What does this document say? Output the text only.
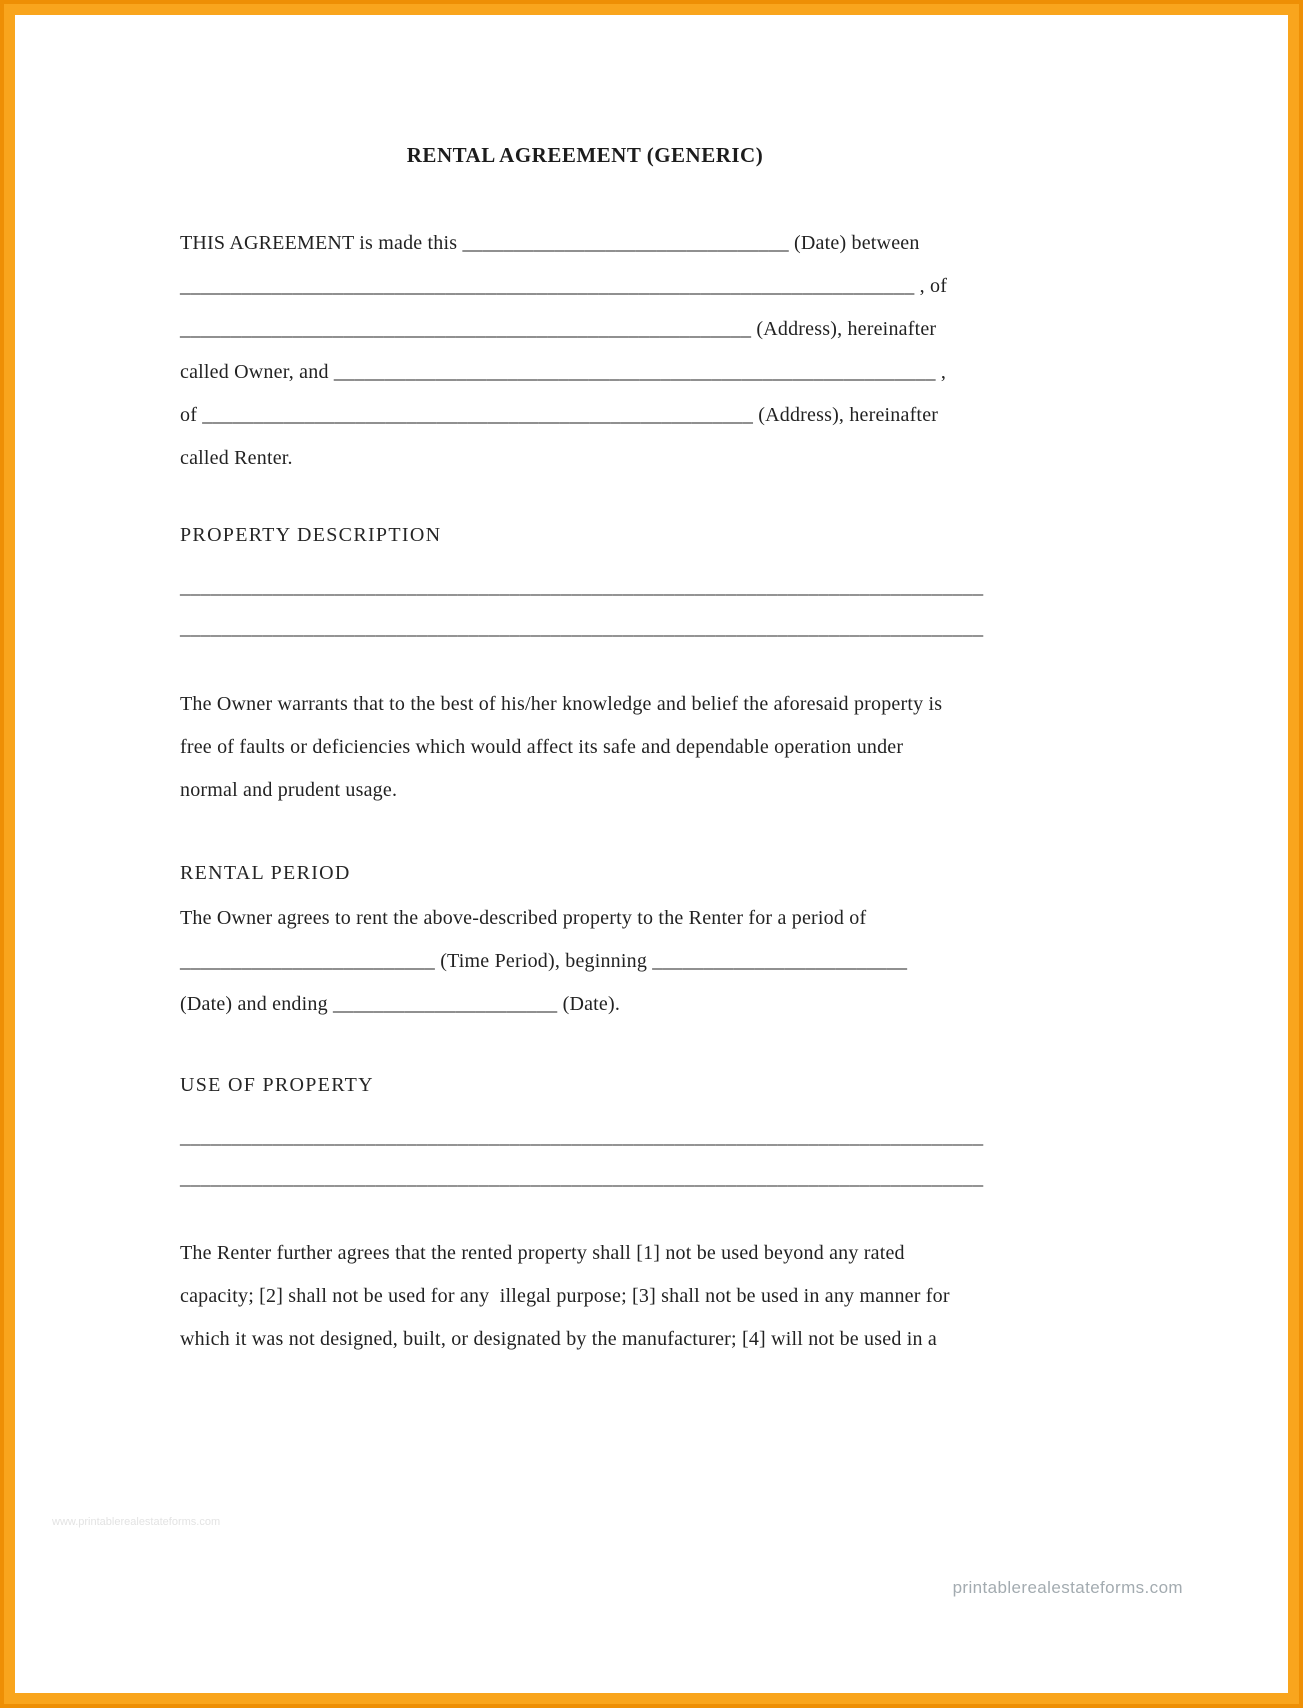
RENTAL AGREEMENT (GENERIC)
THIS AGREEMENT is made this ________________________________ (Date) between
________________________________________________________________________ , of
________________________________________________________ (Address), hereinafter
called Owner, and ___________________________________________________________ ,
of ______________________________________________________ (Address), hereinafter
called Renter.
PROPERTY DESCRIPTION
______________________________________________________________________________
______________________________________________________________________________
The Owner warrants that to the best of his/her knowledge and belief the aforesaid property is
free of faults or deficiencies which would affect its safe and dependable operation under
normal and prudent usage.
RENTAL PERIOD
The Owner agrees to rent the above-described property to the Renter for a period of
_________________________ (Time Period), beginning _________________________
(Date) and ending ______________________ (Date).
USE OF PROPERTY
______________________________________________________________________________
______________________________________________________________________________
The Renter further agrees that the rented property shall [1] not be used beyond any rated
capacity; [2] shall not be used for any  illegal purpose; [3] shall not be used in any manner for
which it was not designed, built, or designated by the manufacturer; [4] will not be used in a
www.printablerealestateforms.com
printablerealestateforms.com
